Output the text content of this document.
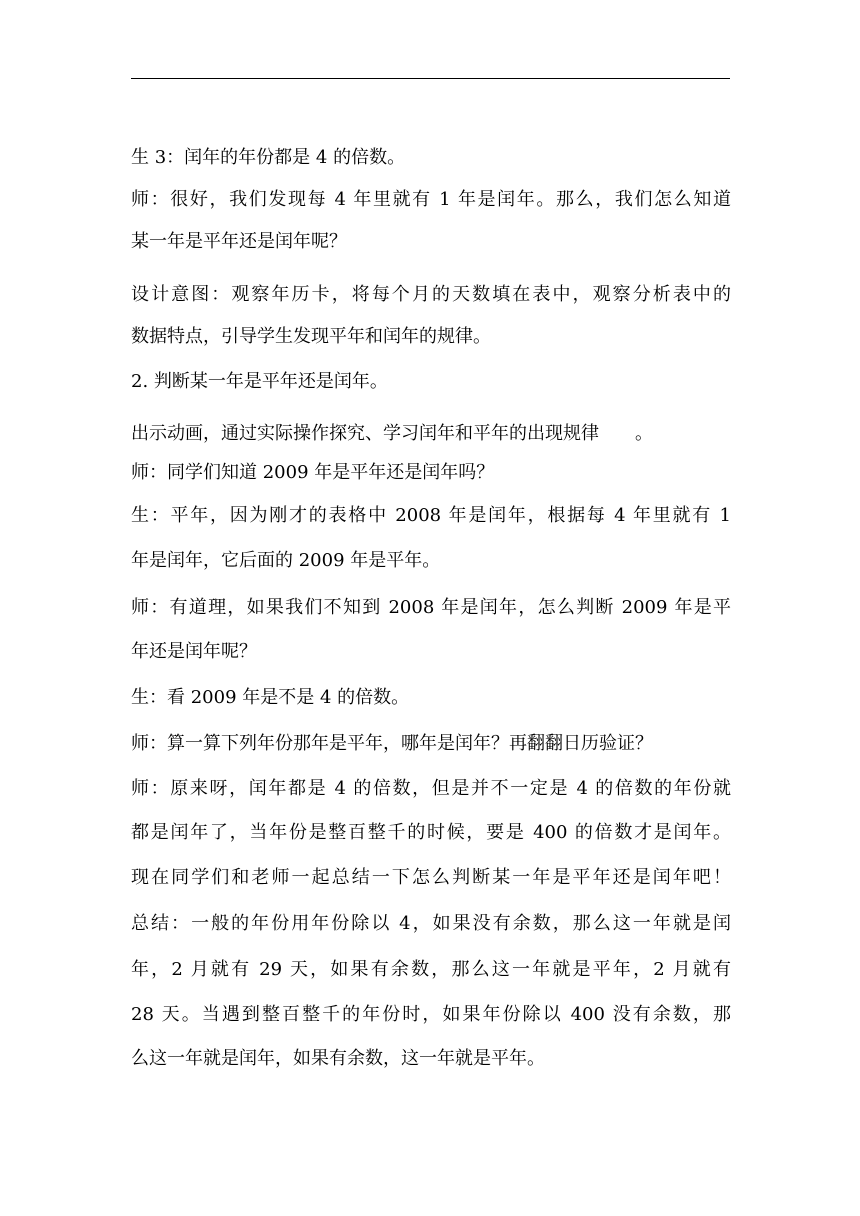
生 3：闰年的年份都是 4 的倍数。
师：很好，我们发现每 4 年里就有 1 年是闰年。那么，我们怎么知道
某一年是平年还是闰年呢？
设计意图：观察年历卡，将每个月的天数填在表中，观察分析表中的
数据特点，引导学生发现平年和闰年的规律。
2. 判断某一年是平年还是闰年。
出示动画，通过实际操作探究、学习闰年和平年的出现规律　　。
师：同学们知道 2009 年是平年还是闰年吗？
生：平年，因为刚才的表格中 2008 年是闰年，根据每 4 年里就有 1
年是闰年，它后面的 2009 年是平年。
师：有道理，如果我们不知到 2008 年是闰年，怎么判断 2009 年是平
年还是闰年呢？
生：看 2009 年是不是 4 的倍数。
师：算一算下列年份那年是平年，哪年是闰年？再翻翻日历验证？
师：原来呀，闰年都是 4 的倍数，但是并不一定是 4 的倍数的年份就
都是闰年了，当年份是整百整千的时候，要是 400 的倍数才是闰年。
现在同学们和老师一起总结一下怎么判断某一年是平年还是闰年吧！
总结：一般的年份用年份除以 4，如果没有余数，那么这一年就是闰
年，2 月就有 29 天，如果有余数，那么这一年就是平年，2 月就有
28 天。当遇到整百整千的年份时，如果年份除以 400 没有余数，那
么这一年就是闰年，如果有余数，这一年就是平年。
